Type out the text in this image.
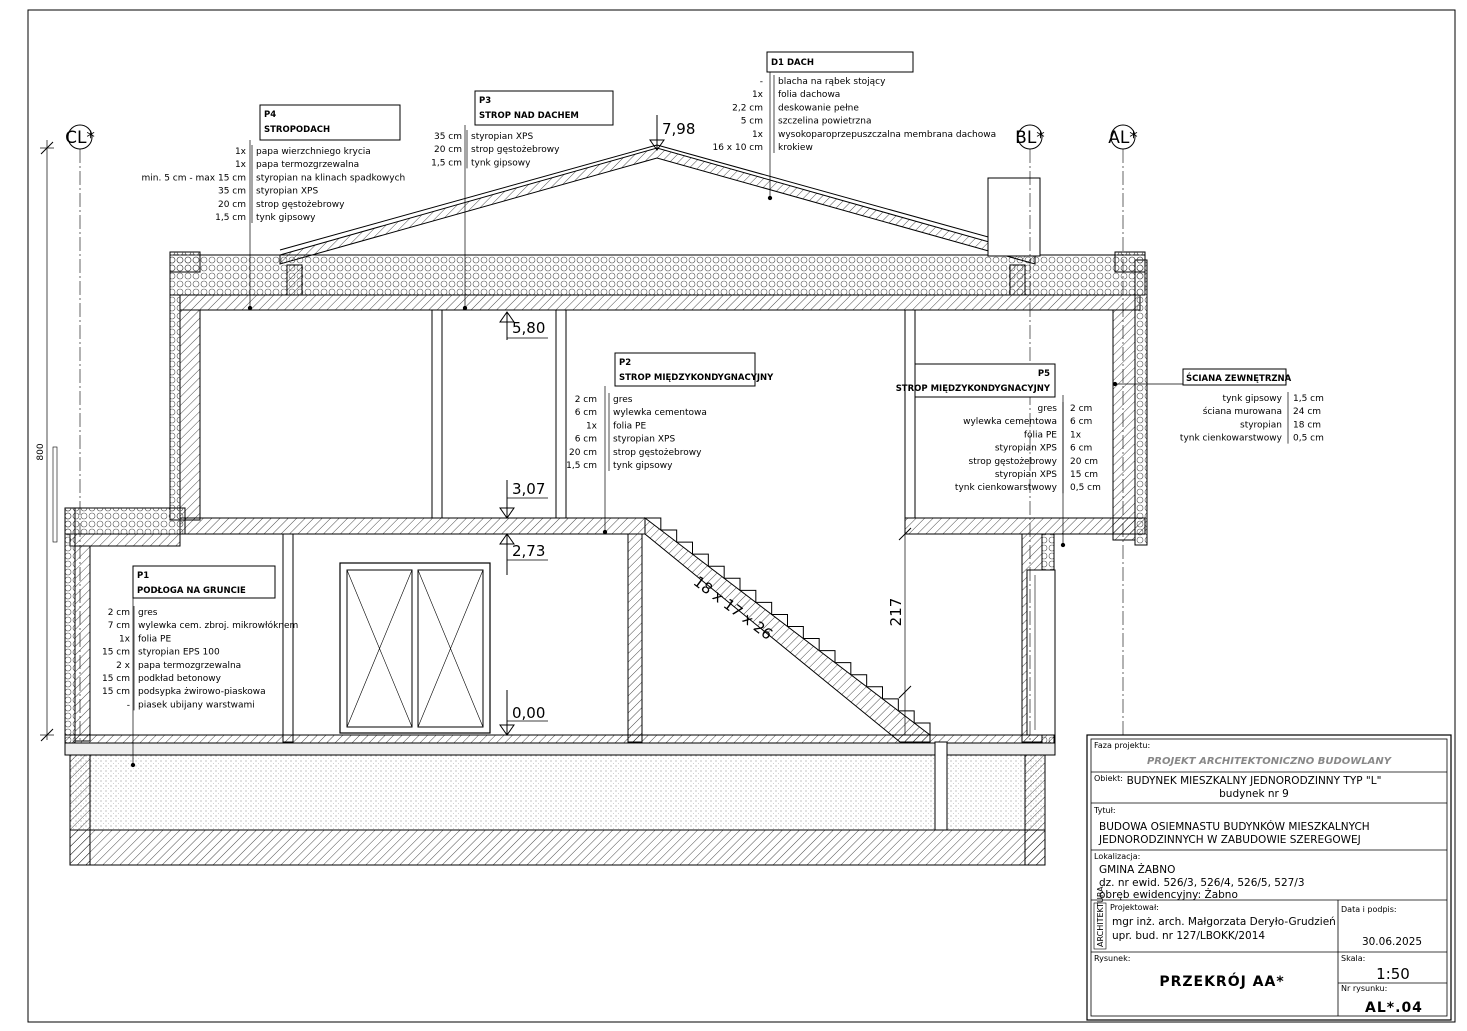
CL*	BL*	AL*
7,98
5,80
3,07
2,73
0,00
800
217
18 x 17 x 26
D1 DACH
- blacha na rąbek stojący
1x folia dachowa
2,2 cm deskowanie pełne
5 cm szczelina powietrzna
1x wysokoparoprzepuszczalna membrana dachowa
16 x 10 cm krokiew
P4
STROPODACH
1x papa wierzchniego krycia
1x papa termozgrzewalna
min. 5 cm - max 15 cm styropian na klinach spadkowych
35 cm styropian XPS
20 cm strop gęstożebrowy
1,5 cm tynk gipsowy
P3
STROP NAD DACHEM
35 cm styropian XPS
20 cm strop gęstożebrowy
1,5 cm tynk gipsowy
P2
STROP MIĘDZYKONDYGNACYJNY
2 cm gres
6 cm wylewka cementowa
1x folia PE
6 cm styropian XPS
20 cm strop gęstożebrowy
1,5 cm tynk gipsowy
P5
STROP MIĘDZYKONDYGNACYJNY
2 cm
gres
6 cm
wylewka cementowa
1x
folia PE
6 cm
styropian XPS
20 cm
strop gęstożebrowy
15 cm
styropian XPS
0,5 cm
tynk cienkowarstwowy
ŚCIANA ZEWNĘTRZNA
1,5 cm
tynk gipsowy
24 cm
ściana murowana
18 cm
styropian
0,5 cm
tynk cienkowarstwowy
P1
PODŁOGA NA GRUNCIE
2 cm gres
7 cm wylewka cem. zbroj. mikrowłóknem
1x folia PE
15 cm styropian EPS 100
2 x papa termozgrzewalna
15 cm podkład betonowy
15 cm podsypka żwirowo-piaskowa
- piasek ubijany warstwami
ARCHITEKTURA
Faza projektu:
PROJEKT ARCHITEKTONICZNO BUDOWLANY
Obiekt: BUDYNEK MIESZKALNY JEDNORODZINNY TYP "L"
budynek nr 9
Tytuł:
BUDOWA OSIEMNASTU BUDYNKÓW MIESZKALNYCH
JEDNORODZINNYCH W ZABUDOWIE SZEREGOWEJ
Lokalizacja:
GMINA ŻABNO
dz. nr ewid. 526/3, 526/4, 526/5, 527/3
obręb ewidencyjny: Żabno
Projektował:
mgr inż. arch. Małgorzata Deryło-Grudzień
upr. bud. nr 127/LBOKK/2014
Data i podpis:
30.06.2025
Rysunek:
PRZEKRÓJ AA*
Skala:
1:50
Nr rysunku:
AL*.04
